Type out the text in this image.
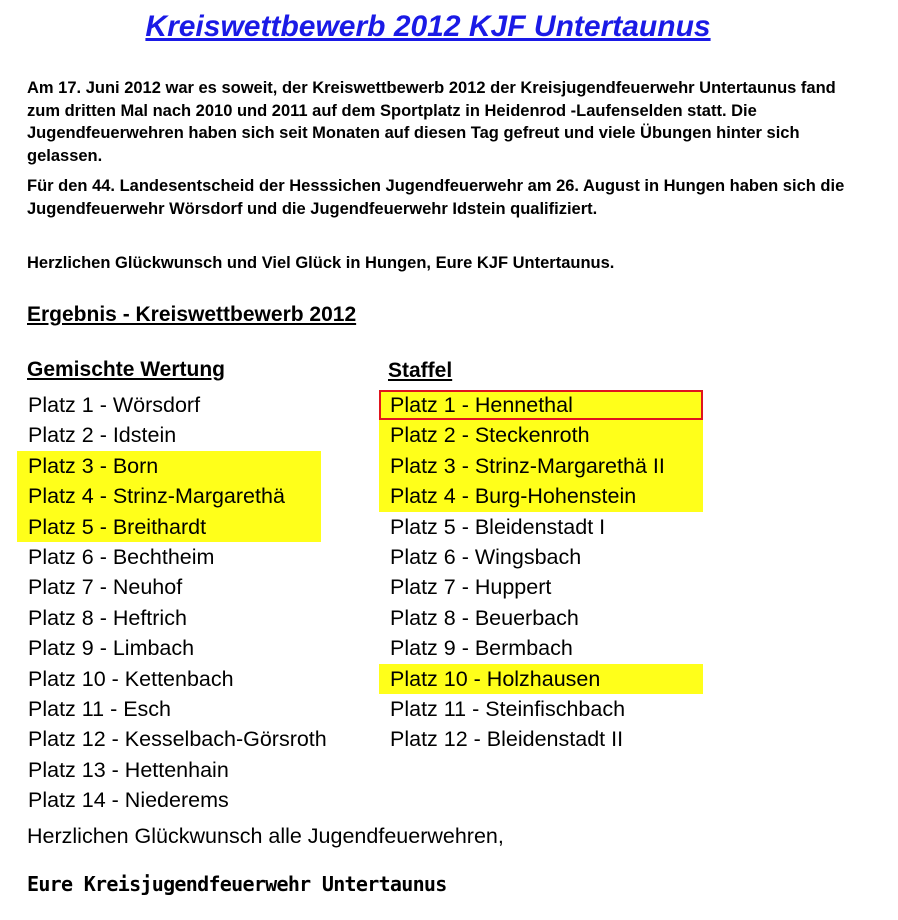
Kreiswettbewerb 2012 KJF Untertaunus

Am 17. Juni 2012 war es soweit, der Kreiswettbewerb 2012 der Kreisjugendfeuerwehr Untertaunus fand zum dritten Mal nach 2010 und 2011 auf dem Sportplatz in Heidenrod -Laufenselden statt. Die Jugendfeuerwehren haben sich seit Monaten auf diesen Tag gefreut und viele Übungen hinter sich gelassen.

Für den 44. Landesentscheid der Hesssichen Jugendfeuerwehr am 26. August in Hungen haben sich die Jugendfeuerwehr Wörsdorf und die Jugendfeuerwehr Idstein qualifiziert.

Herzlichen Glückwunsch und Viel Glück in Hungen, Eure KJF Untertaunus.

Ergebnis - Kreiswettbewerb 2012
Gemischte Wertung	Staffel
Platz 1 - Wörsdorf
Platz 2 - Idstein
Platz 3 - Born
Platz 4 - Strinz-Margarethä
Platz 5 - Breithardt
Platz 6 - Bechtheim
Platz 7 - Neuhof
Platz 8 - Heftrich
Platz 9 - Limbach
Platz 10 - Kettenbach
Platz 11 - Esch
Platz 12 - Kesselbach-Görsroth
Platz 13 - Hettenhain
Platz 14 - Niederems
Platz 1 - Hennethal
Platz 2 - Steckenroth
Platz 3 - Strinz-Margarethä II
Platz 4 - Burg-Hohenstein
Platz 5 - Bleidenstadt I
Platz 6 - Wingsbach
Platz 7 - Huppert
Platz 8 - Beuerbach
Platz 9 - Bermbach
Platz 10 - Holzhausen
Platz 11 - Steinfischbach
Platz 12 - Bleidenstadt II
Herzlichen Glückwunsch alle Jugendfeuerwehren,
Eure Kreisjugendfeuerwehr Untertaunus
